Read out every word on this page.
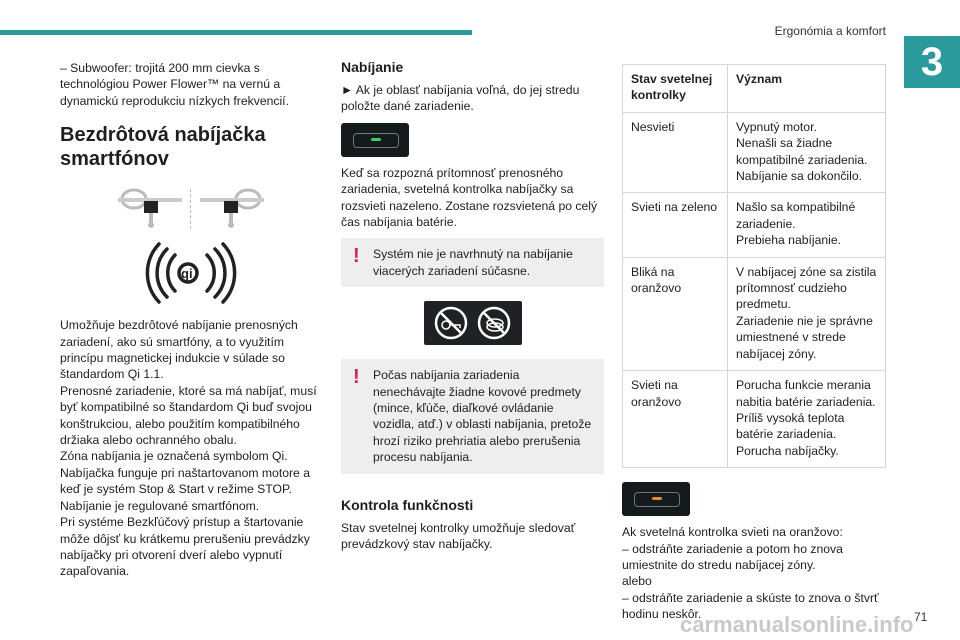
Ergonómia a komfort
3

– Subwoofer: trojitá 200 mm cievka s technológiou Power Flower™ na vernú a dynamickú reprodukciu nízkych frekvencií.

Bezdrôtová nabíjačka smartfónov
qi

Umožňuje bezdrôtové nabíjanie prenosných zariadení, ako sú smartfóny, a to využitím princípu magnetickej indukcie v súlade so štandardom Qi 1.1.

Prenosné zariadenie, ktoré sa má nabíjať, musí byť kompatibilné so štandardom Qi buď svojou konštrukciou, alebo použitím kompatibilného držiaka alebo ochranného obalu.

Zóna nabíjania je označená symbolom Qi.

Nabíjačka funguje pri naštartovanom motore a keď je systém Stop & Start v režime STOP.

Nabíjanie je regulované smartfónom.

Pri systéme Bezkľúčový prístup a štartovanie môže dôjsť ku krátkemu prerušeniu prevádzky nabíjačky pri otvorení dverí alebo vypnutí zapaľovania.

Nabíjanie

► Ak je oblasť nabíjania voľná, do jej stredu položte dané zariadenie.

Keď sa rozpozná prítomnosť prenosného zariadenia, svetelná kontrolka nabíjačky sa rozsvieti nazeleno. Zostane rozsvietená po celý čas nabíjania batérie.

! Systém nie je navrhnutý na nabíjanie viacerých zariadení súčasne.

! Počas nabíjania zariadenia nenechávajte žiadne kovové predmety (mince, kľúče, diaľkové ovládanie vozidla, atď.) v oblasti nabíjania, pretože hrozí riziko prehriatia alebo prerušenia procesu nabíjania.

Kontrola funkčnosti

Stav svetelnej kontrolky umožňuje sledovať prevádzkový stav nabíjačky.

Stav svetelnej kontrolky	Význam
Nesvieti	Vypnutý motor.
Nenašli sa žiadne kompatibilné zariadenia.
Nabíjanie sa dokončilo.

Svieti na zeleno	Našlo sa kompatibilné zariadenie.
Prebieha nabíjanie.

Bliká na oranžovo	V nabíjacej zóne sa zistila prítomnosť cudzieho predmetu.
Zariadenie nie je správne umiestnené v strede nabíjacej zóny.

Svieti na oranžovo	Porucha funkcie merania nabitia batérie zariadenia.
Príliš vysoká teplota batérie zariadenia.
Porucha nabíjačky.

Ak svetelná kontrolka svieti na oranžovo:

– odstráňte zariadenie a potom ho znova umiestnite do stredu nabíjacej zóny.

alebo

– odstráňte zariadenie a skúste to znova o štvrť hodinu neskôr.

carmanualsonline.info 71
